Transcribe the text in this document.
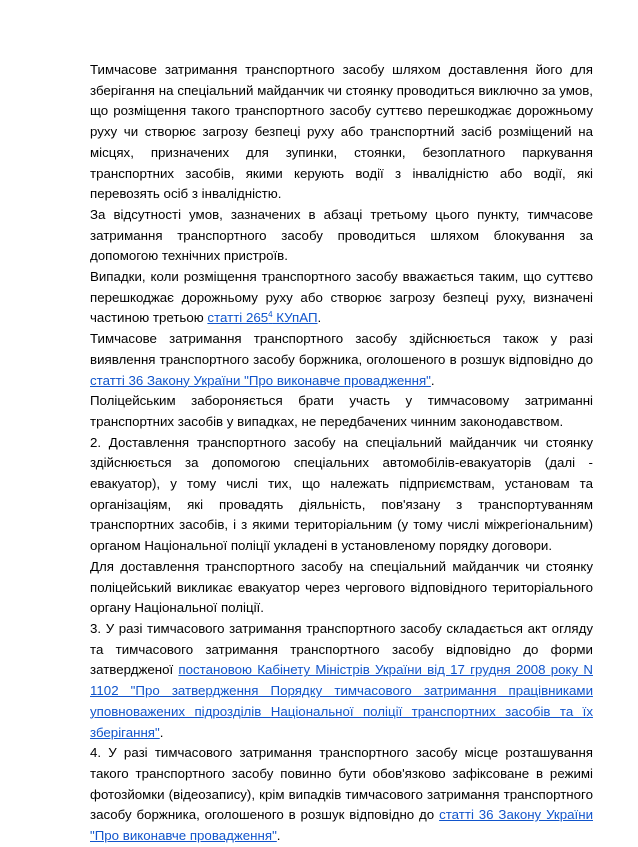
Тимчасове затримання транспортного засобу шляхом доставлення його для зберігання на спеціальний майданчик чи стоянку проводиться виключно за умов, що розміщення такого транспортного засобу суттєво перешкоджає дорожньому руху чи створює загрозу безпеці руху або транспортний засіб розміщений на місцях, призначених для зупинки, стоянки, безоплатного паркування транспортних засобів, якими керують водії з інвалідністю або водії, які перевозять осіб з інвалідністю.

За відсутності умов, зазначених в абзаці третьому цього пункту, тимчасове затримання транспортного засобу проводиться шляхом блокування за допомогою технічних пристроїв.

Випадки, коли розміщення транспортного засобу вважається таким, що суттєво перешкоджає дорожньому руху або створює загрозу безпеці руху, визначені частиною третьою статті $265^4$ КУпАП.

Тимчасове затримання транспортного засобу здійснюється також у разі виявлення транспортного засобу боржника, оголошеного в розшук відповідно до статті 36 Закону України "Про виконавче провадження".

Поліцейським забороняється брати участь у тимчасовому затриманні транспортних засобів у випадках, не передбачених чинним законодавством.

2. Доставлення транспортного засобу на спеціальний майданчик чи стоянку здійснюється за допомогою спеціальних автомобілів-евакуаторів (далі - евакуатор), у тому числі тих, що належать підприємствам, установам та організаціям, які провадять діяльність, пов'язану з транспортуванням транспортних засобів, і з якими територіальним (у тому числі міжрегіональним) органом Національної поліції укладені в установленому порядку договори.

Для доставлення транспортного засобу на спеціальний майданчик чи стоянку поліцейський викликає евакуатор через чергового відповідного територіального органу Національної поліції.

3. У разі тимчасового затримання транспортного засобу складається акт огляду та тимчасового затримання транспортного засобу відповідно до форми затвердженої постановою Кабінету Міністрів України від 17 грудня 2008 року N 1102 "Про затвердження Порядку тимчасового затримання працівниками уповноважених підрозділів Національної поліції транспортних засобів та їх зберігання".

4. У разі тимчасового затримання транспортного засобу місце розташування такого транспортного засобу повинно бути обов'язково зафіксоване в режимі фотозйомки (відеозапису), крім випадків тимчасового затримання транспортного засобу боржника, оголошеного в розшук відповідно до статті 36 Закону України "Про виконавче провадження".
